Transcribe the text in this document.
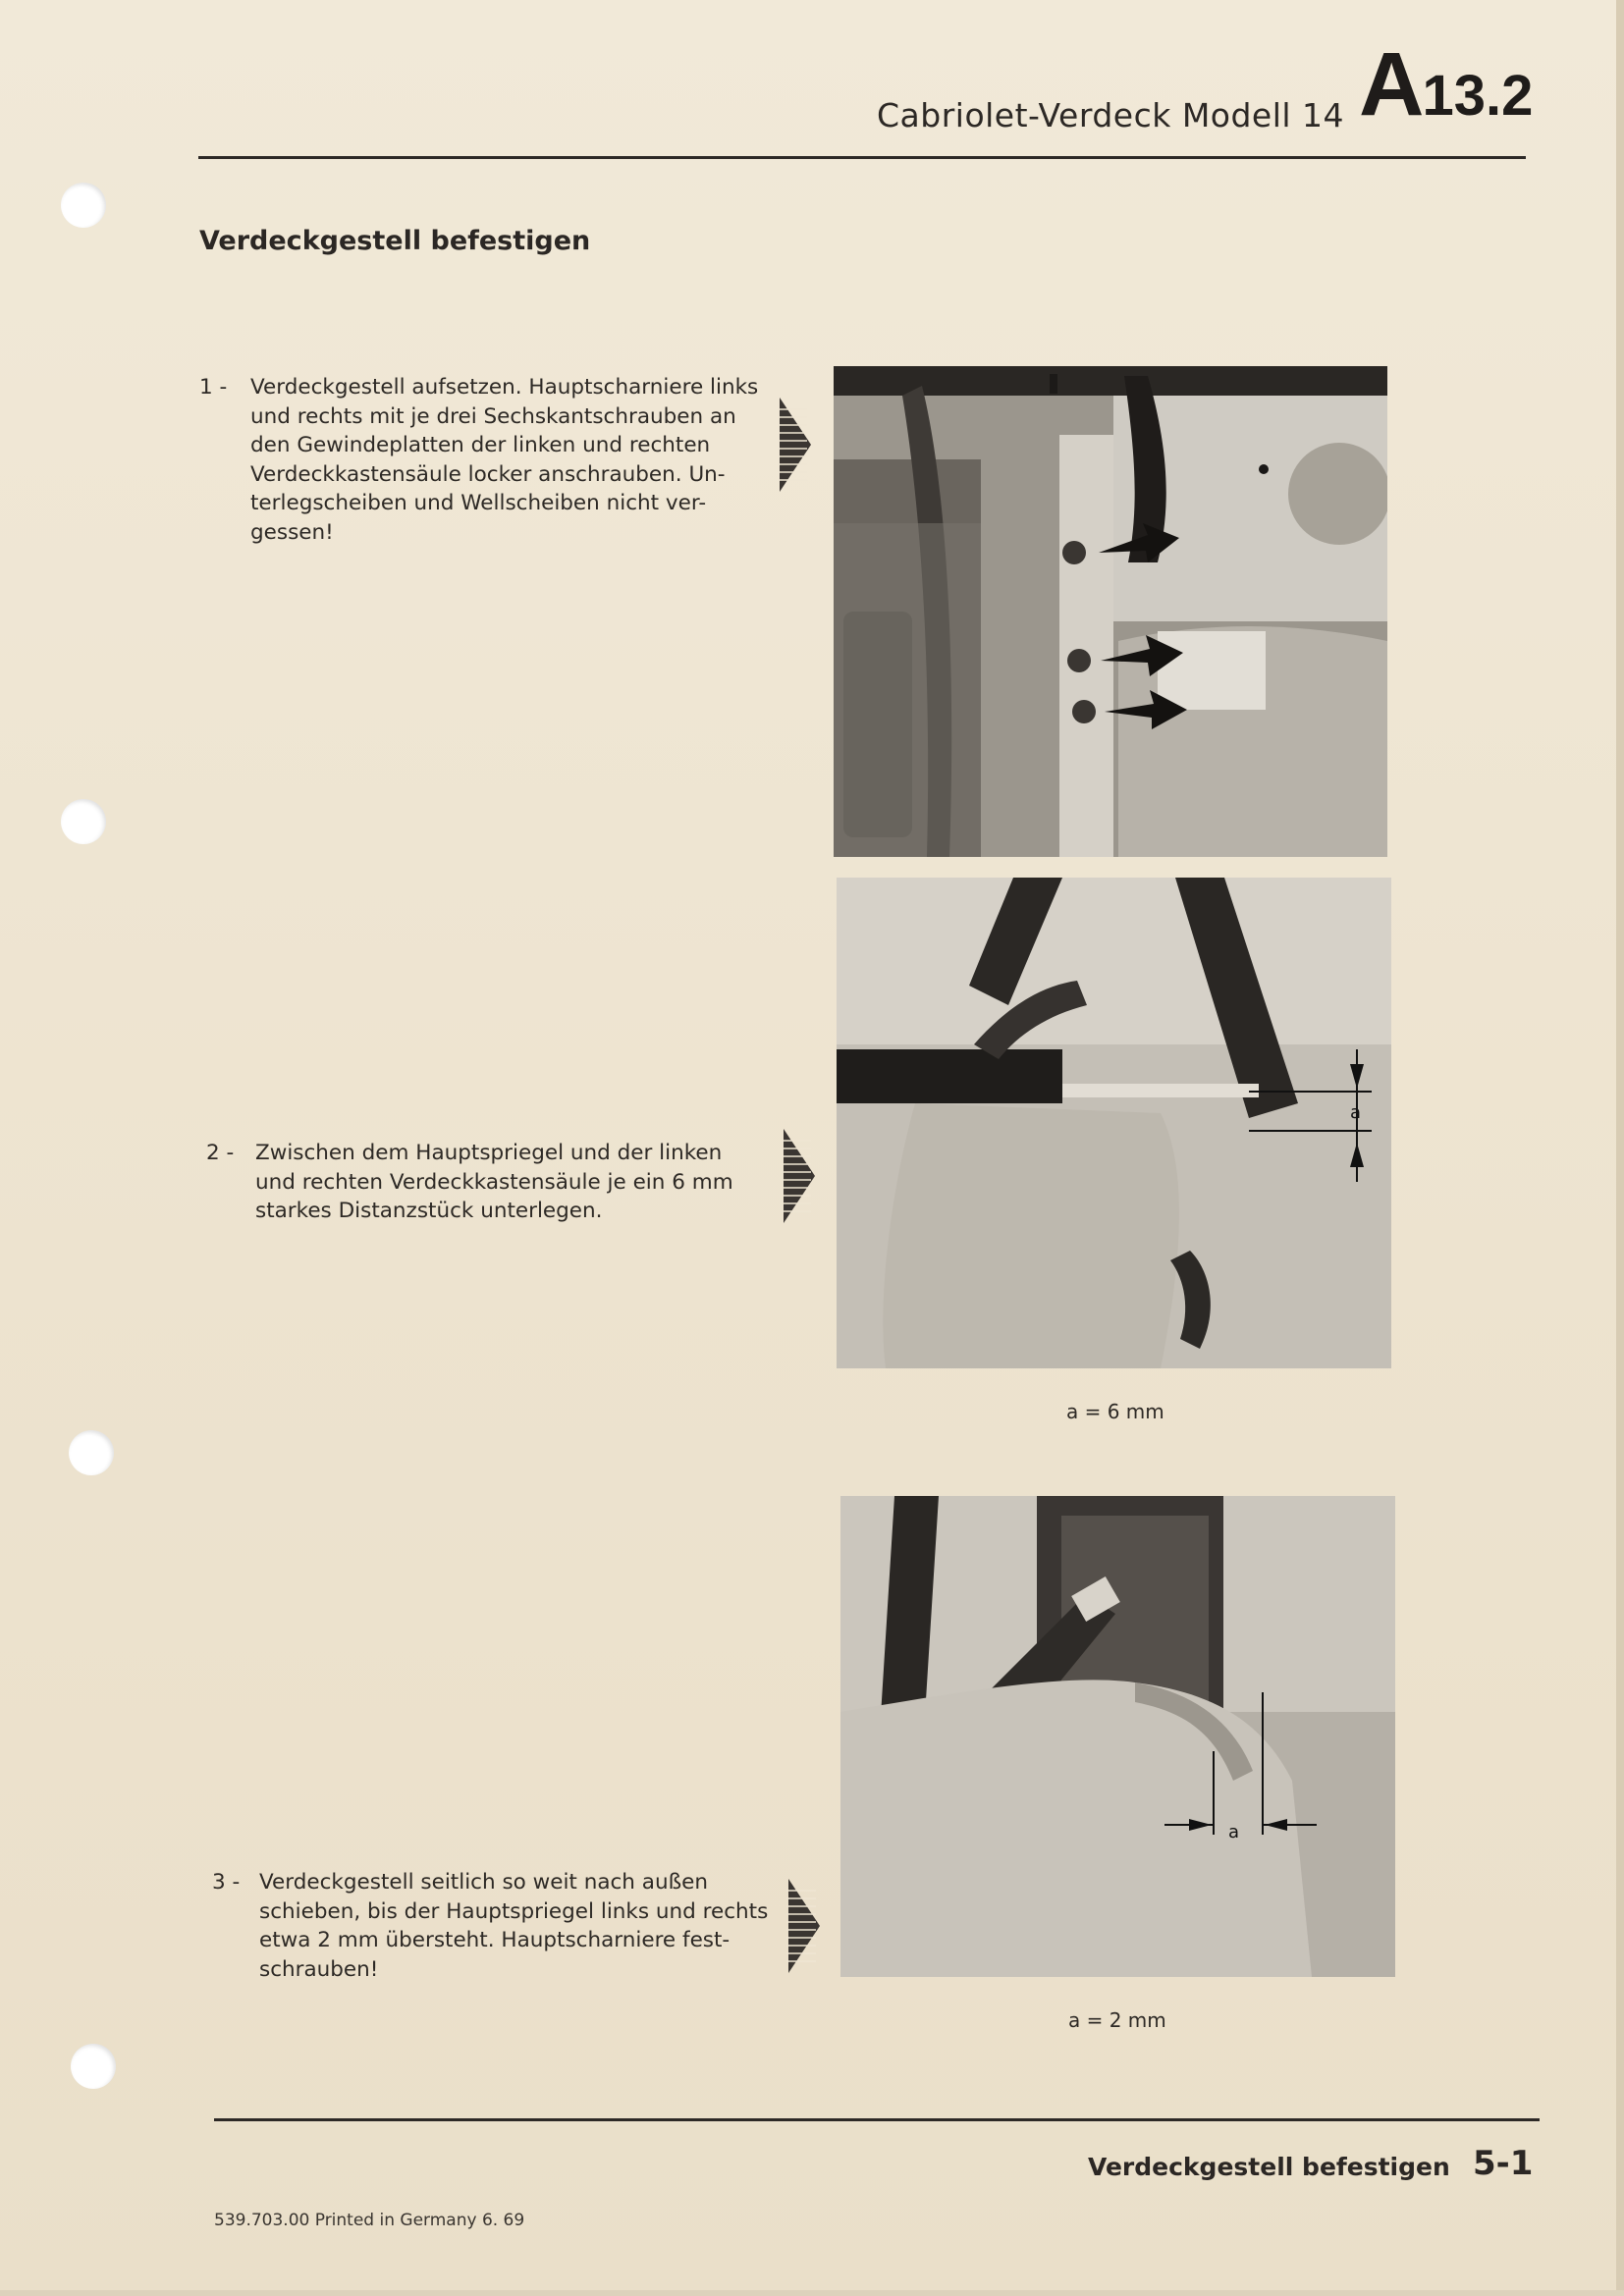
Cabriolet-Verdeck Modell 14 A13.2
Verdeckgestell befestigen
1 - Verdeckgestell aufsetzen. Hauptscharniere links
und rechts mit je drei Sechskantschrauben an
den Gewindeplatten der linken und rechten
Verdeckkastensäule locker anschrauben. Un-
terlegscheiben und Wellscheiben nicht ver-
gessen!
2 - Zwischen dem Hauptspriegel und der linken
und rechten Verdeckkastensäule je ein 6 mm
starkes Distanzstück unterlegen.
a
a = 6 mm
3 - Verdeckgestell seitlich so weit nach außen
schieben, bis der Hauptspriegel links und rechts
etwa 2 mm übersteht. Hauptscharniere fest-
schrauben!
a
a = 2 mm
Verdeckgestell befestigen 5-1
539.703.00 Printed in Germany 6. 69
